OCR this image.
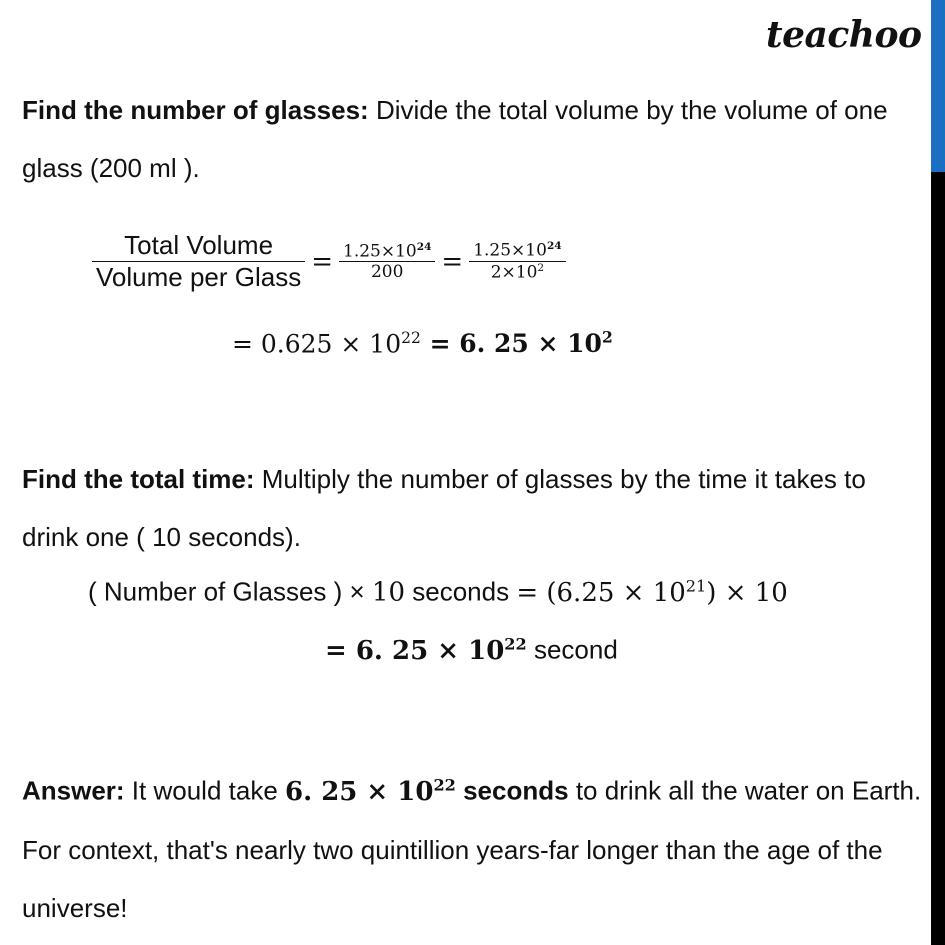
teachoo
Find the number of glasses: Divide the total volume by the volume of one glass (200 ml ).
$\frac{\text{Total Volume}}{\text{Volume per Glass}} = \frac{1.25\times 10^{24}}{200} = \frac{1.25\times 10^{24}}{2\times 10^2}$
= $0.625 \times 10^{22}$ = 𝟔. 𝟐𝟓 × $𝟏𝟎^𝟐$
Find the total time: Multiply the number of glasses by the time it takes to drink one ( 10 seconds).
( Number of Glasses ) × 10 seconds = $(6.25 \times 10^{21}) \times 10$
= 𝟔. 𝟐𝟓 × $𝟏𝟎^{𝟐𝟐}$ second
Answer: It would take 𝟔. 𝟐𝟓 × $𝟏𝟎^{𝟐𝟐}$ seconds to drink all the water on Earth. For context, that's nearly two quintillion years-far longer than the age of the universe!
